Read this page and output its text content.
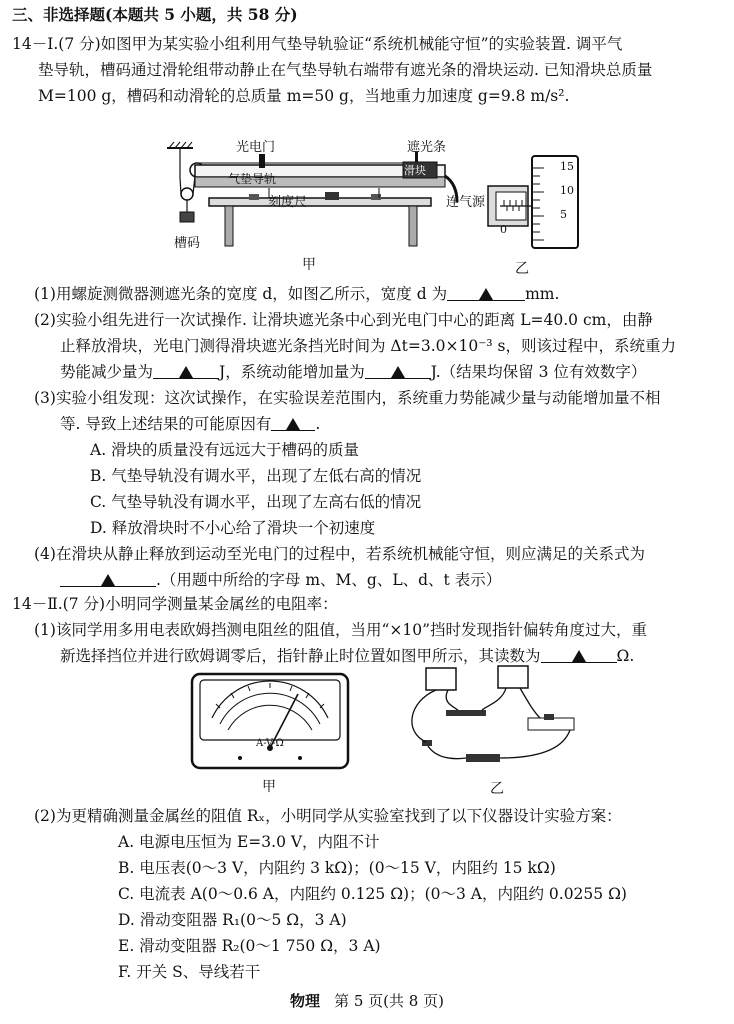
三、非选择题(本题共 5 小题，共 58 分)
14－Ⅰ.(7 分)如图甲为某实验小组利用气垫导轨验证“系统机械能守恒”的实验装置. 调平气
垫导轨，槽码通过滑轮组带动静止在气垫导轨右端带有遮光条的滑块运动. 已知滑块总质量
M=100 g，槽码和动滑轮的总质量 m=50 g，当地重力加速度 g=9.8 m/s².
光电门	遮光条
气垫导轨
滑块
刻度尺	连气源
槽码
甲
15
10
5
0
乙
(1)用螺旋测微器测遮光条的宽度 d，如图乙所示，宽度 d 为	mm.
(2)实验小组先进行一次试操作. 让滑块遮光条中心到光电门中心的距离 L=40.0 cm，由静
止释放滑块，光电门测得滑块遮光条挡光时间为 Δt=3.0×10⁻³ s，则该过程中，系统重力
势能减少量为	J，系统动能增加量为	J.（结果均保留 3 位有效数字）
(3)实验小组发现：这次试操作，在实验误差范围内，系统重力势能减少量与动能增加量不相
等. 导致上述结果的可能原因有	.
A. 滑块的质量没有远远大于槽码的质量
B. 气垫导轨没有调水平，出现了左低右高的情况
C. 气垫导轨没有调水平，出现了左高右低的情况
D. 释放滑块时不小心给了滑块一个初速度
(4)在滑块从静止释放到运动至光电门的过程中，若系统机械能守恒，则应满足的关系式为
.（用题中所给的字母 m、M、g、L、d、t 表示）
14－Ⅱ.(7 分)小明同学测量某金属丝的电阻率：
(1)该同学用多用电表欧姆挡测电阻丝的阻值，当用“×10”挡时发现指针偏转角度过大，重
新选择挡位并进行欧姆调零后，指针静止时位置如图甲所示，其读数为	Ω.
A-V-Ω
甲	乙
(2)为更精确测量金属丝的阻值 Rₓ，小明同学从实验室找到了以下仪器设计实验方案：
A. 电源电压恒为 E=3.0 V，内阻不计
B. 电压表(0～3 V，内阻约 3 kΩ)；(0～15 V，内阻约 15 kΩ)
C. 电流表 A(0～0.6 A，内阻约 0.125 Ω)；(0～3 A，内阻约 0.0255 Ω)
D. 滑动变阻器 R₁(0～5 Ω，3 A)
E. 滑动变阻器 R₂(0～1 750 Ω，3 A)
F. 开关 S、导线若干
物理 第 5 页(共 8 页)
